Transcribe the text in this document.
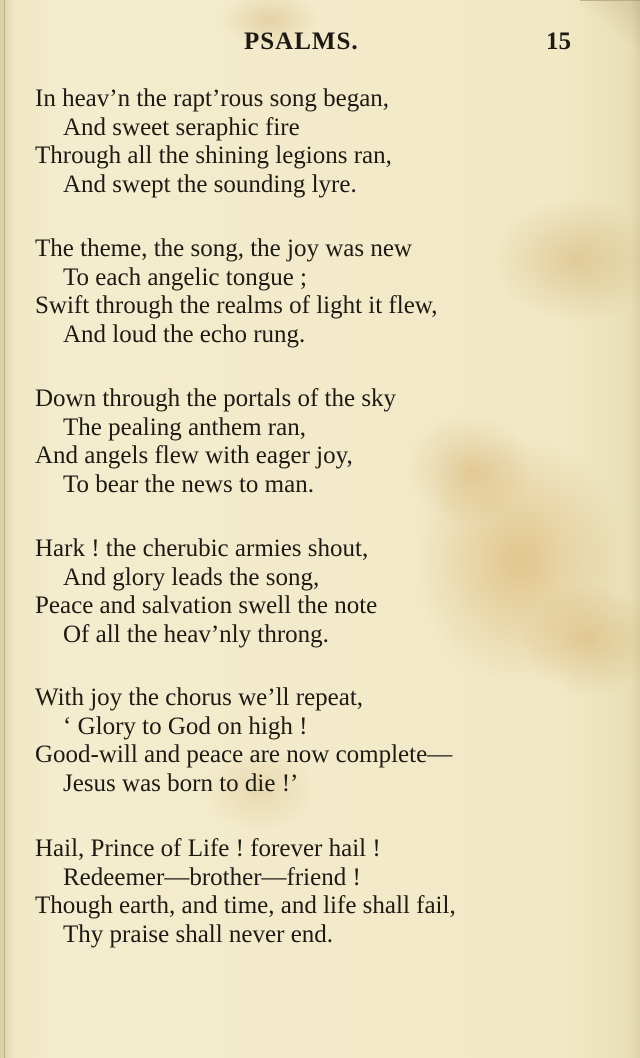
PSALMS.	15
In heav’n the rapt’rous song began,
And sweet seraphic fire
Through all the shining legions ran,
And swept the sounding lyre.
The theme, the song, the joy was new
To each angelic tongue ;
Swift through the realms of light it flew,
And loud the echo rung.
Down through the portals of the sky
The pealing anthem ran,
And angels flew with eager joy,
To bear the news to man.
Hark ! the cherubic armies shout,
And glory leads the song,
Peace and salvation swell the note
Of all the heav’nly throng.
With joy the chorus we’ll repeat,
‘ Glory to God on high !
Good-will and peace are now complete—
Jesus was born to die !’
Hail, Prince of Life ! forever hail !
Redeemer—brother—friend !
Though earth, and time, and life shall fail,
Thy praise shall never end.
